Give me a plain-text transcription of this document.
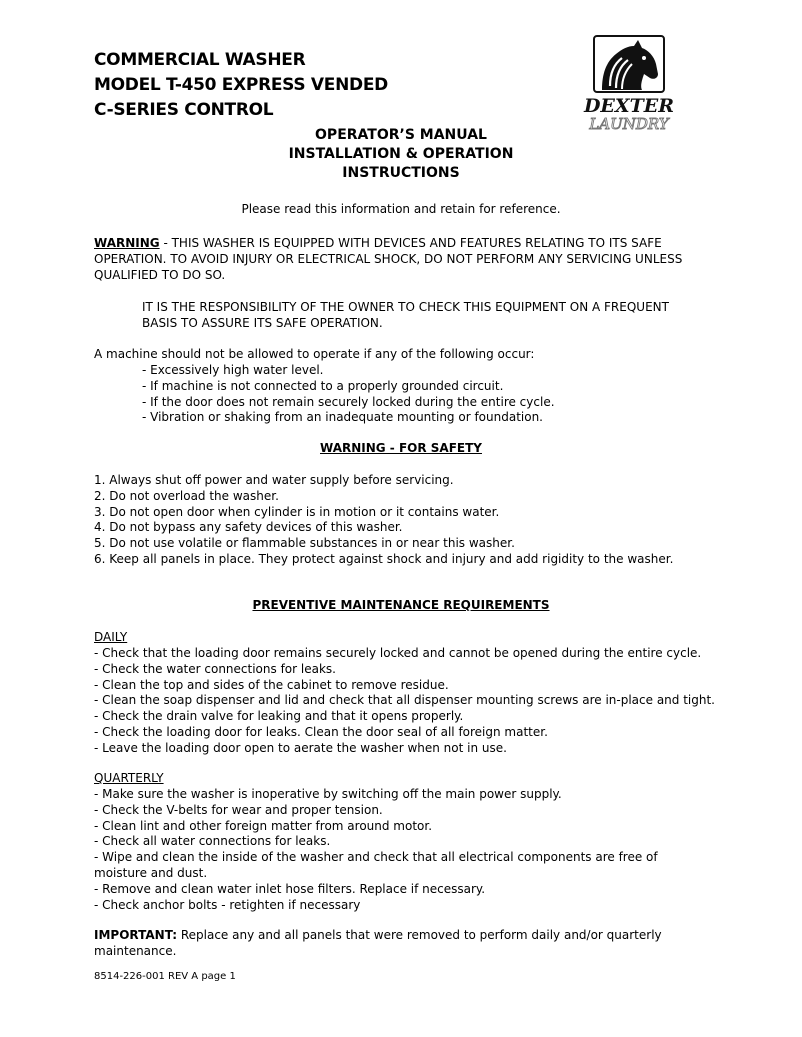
COMMERCIAL WASHER
MODEL T-450 EXPRESS VENDED
C-SERIES CONTROL	DEXTER
LAUNDRY
OPERATOR’S MANUAL
INSTALLATION & OPERATION
INSTRUCTIONS
Please read this information and retain for reference.
WARNING - THIS WASHER IS EQUIPPED WITH DEVICES AND FEATURES RELATING TO ITS SAFE OPERATION. TO AVOID INJURY OR ELECTRICAL SHOCK, DO NOT PERFORM ANY SERVICING UNLESS QUALIFIED TO DO SO.
IT IS THE RESPONSIBILITY OF THE OWNER TO CHECK THIS EQUIPMENT ON A FREQUENT
BASIS TO ASSURE ITS SAFE OPERATION.
A machine should not be allowed to operate if any of the following occur:
- Excessively high water level.
- If machine is not connected to a properly grounded circuit.
- If the door does not remain securely locked during the entire cycle.
- Vibration or shaking from an inadequate mounting or foundation.
WARNING - FOR SAFETY
1. Always shut off power and water supply before servicing.
2. Do not overload the washer.
3. Do not open door when cylinder is in motion or it contains water.
4. Do not bypass any safety devices of this washer.
5. Do not use volatile or flammable substances in or near this washer.
6. Keep all panels in place. They protect against shock and injury and add rigidity to the washer.
PREVENTIVE MAINTENANCE REQUIREMENTS
DAILY
- Check that the loading door remains securely locked and cannot be opened during the entire cycle.
- Check the water connections for leaks.
- Clean the top and sides of the cabinet to remove residue.
- Clean the soap dispenser and lid and check that all dispenser mounting screws are in-place and tight.
- Check the drain valve for leaking and that it opens properly.
- Check the loading door for leaks. Clean the door seal of all foreign matter.
- Leave the loading door open to aerate the washer when not in use.
QUARTERLY
- Make sure the washer is inoperative by switching off the main power supply.
- Check the V-belts for wear and proper tension.
- Clean lint and other foreign matter from around motor.
- Check all water connections for leaks.
- Wipe and clean the inside of the washer and check that all electrical components are free of moisture and dust.
- Remove and clean water inlet hose filters. Replace if necessary.
- Check anchor bolts - retighten if necessary
IMPORTANT: Replace any and all panels that were removed to perform daily and/or quarterly maintenance.
8514-226-001 REV A page 1
